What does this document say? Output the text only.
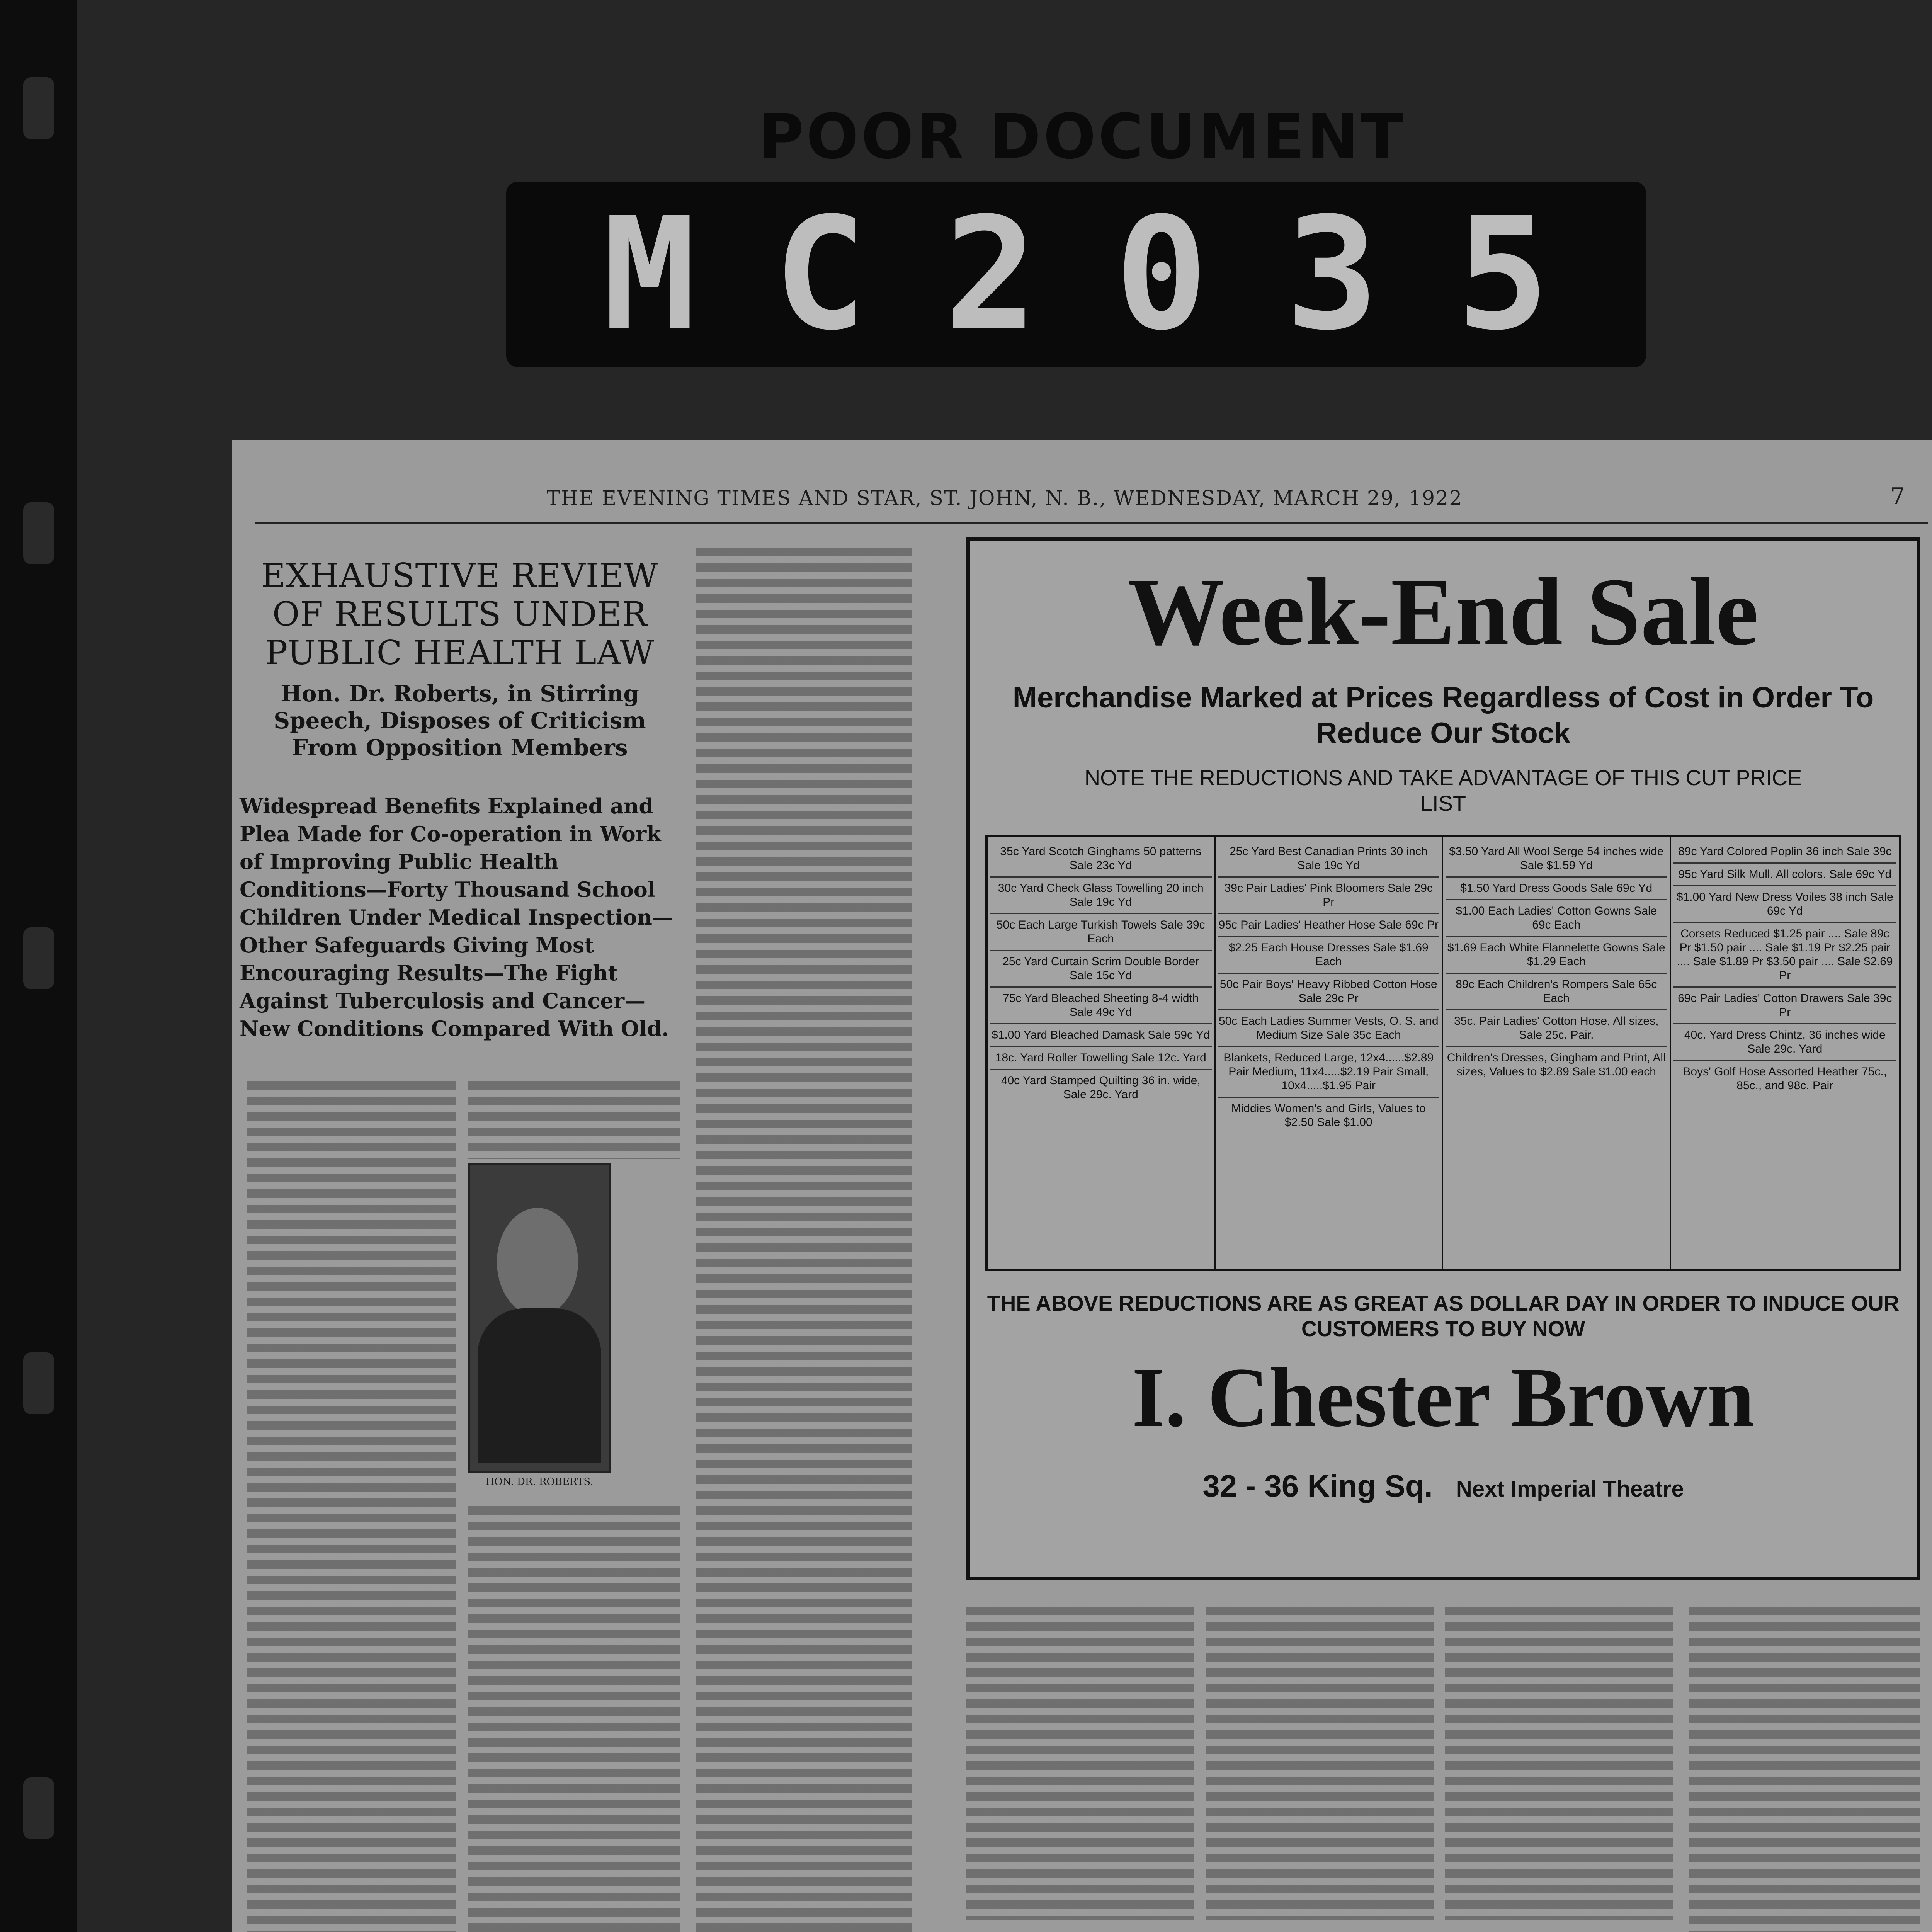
POOR DOCUMENT
M C 2 0 3 5
THE EVENING TIMES AND STAR, ST. JOHN, N. B., WEDNESDAY, MARCH 29, 1922	7
EXHAUSTIVE REVIEW OF RESULTS UNDER PUBLIC HEALTH LAW
Hon. Dr. Roberts, in Stirring Speech, Disposes of Criticism From Opposition Members
Widespread Benefits Explained and Plea Made for Co-operation in Work of Improving Public Health Conditions—Forty Thousand School Children Under Medical Inspection—Other Safeguards Giving Most Encouraging Results—The Fight Against Tuberculosis and Cancer—New Conditions Compared With Old.
HON. DR. ROBERTS.
Week-End Sale
Merchandise Marked at Prices Regardless of Cost in Order To Reduce Our Stock
NOTE THE REDUCTIONS AND TAKE ADVANTAGE OF THIS CUT PRICE LIST
35c Yard Scotch Ginghams 50 patterns Sale 23c Yd
30c Yard Check Glass Towelling 20 inch Sale 19c Yd
50c Each Large Turkish Towels Sale 39c Each
25c Yard Curtain Scrim Double Border Sale 15c Yd
75c Yard Bleached Sheeting 8-4 width Sale 49c Yd
$1.00 Yard Bleached Damask Sale 59c Yd
18c. Yard Roller Towelling Sale 12c. Yard
40c Yard Stamped Quilting 36 in. wide, Sale 29c. Yard
25c Yard Best Canadian Prints 30 inch Sale 19c Yd
39c Pair Ladies' Pink Bloomers Sale 29c Pr
95c Pair Ladies' Heather Hose Sale 69c Pr
$2.25 Each House Dresses Sale $1.69 Each
50c Pair Boys' Heavy Ribbed Cotton Hose Sale 29c Pr
50c Each Ladies Summer Vests, O. S. and Medium Size Sale 35c Each
Blankets, Reduced Large, 12x4......$2.89 Pair Medium, 11x4.....$2.19 Pair Small, 10x4.....$1.95 Pair
Middies Women's and Girls, Values to $2.50 Sale $1.00
$3.50 Yard All Wool Serge 54 inches wide Sale $1.59 Yd
$1.50 Yard Dress Goods Sale 69c Yd
$1.00 Each Ladies' Cotton Gowns Sale 69c Each
$1.69 Each White Flannelette Gowns Sale $1.29 Each
89c Each Children's Rompers Sale 65c Each
35c. Pair Ladies' Cotton Hose, All sizes, Sale 25c. Pair.
Children's Dresses, Gingham and Print, All sizes, Values to $2.89 Sale $1.00 each
89c Yard Colored Poplin 36 inch Sale 39c
95c Yard Silk Mull. All colors. Sale 69c Yd
$1.00 Yard New Dress Voiles 38 inch Sale 69c Yd
Corsets Reduced $1.25 pair .... Sale 89c Pr $1.50 pair .... Sale $1.19 Pr $2.25 pair .... Sale $1.89 Pr $3.50 pair .... Sale $2.69 Pr
69c Pair Ladies' Cotton Drawers Sale 39c Pr
40c. Yard Dress Chintz, 36 inches wide Sale 29c. Yard
Boys' Golf Hose Assorted Heather 75c., 85c., and 98c. Pair
THE ABOVE REDUCTIONS ARE AS GREAT AS DOLLAR DAY IN ORDER TO INDUCE OUR CUSTOMERS TO BUY NOW
I. Chester Brown
32 - 36 King Sq. Next Imperial Theatre
